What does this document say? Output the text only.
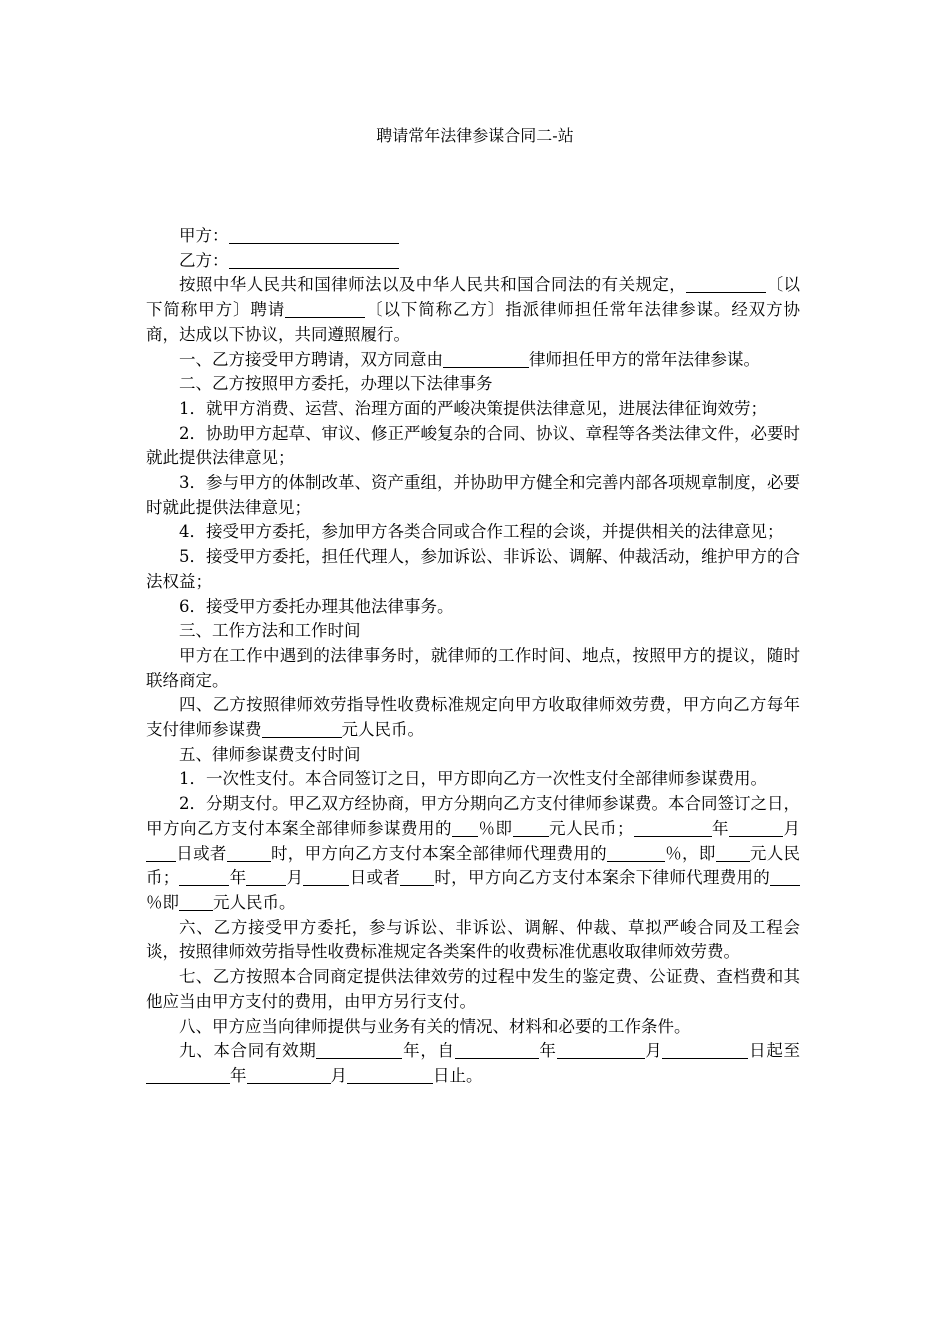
聘请常年法律参谋合同二-站

甲方：

乙方：

按照中华人民共和国律师法以及中华人民共和国合同法的有关规定，	〔以下简称甲方〕聘请	〔以下简称乙方〕指派律师担任常年法律参谋。经双方协商，达成以下协议，共同遵照履行。

一、乙方接受甲方聘请，双方同意由	律师担任甲方的常年法律参谋。

二、乙方按照甲方委托，办理以下法律事务

1．就甲方消费、运营、治理方面的严峻决策提供法律意见，进展法律征询效劳；

2．协助甲方起草、审议、修正严峻复杂的合同、协议、章程等各类法律文件，必要时就此提供法律意见；

3．参与甲方的体制改革、资产重组，并协助甲方健全和完善内部各项规章制度，必要时就此提供法律意见；

4．接受甲方委托，参加甲方各类合同或合作工程的会谈，并提供相关的法律意见；

5．接受甲方委托，担任代理人，参加诉讼、非诉讼、调解、仲裁活动，维护甲方的合法权益；

6．接受甲方委托办理其他法律事务。

三、工作方法和工作时间

甲方在工作中遇到的法律事务时，就律师的工作时间、地点，按照甲方的提议，随时联络商定。

四、乙方按照律师效劳指导性收费标准规定向甲方收取律师效劳费，甲方向乙方每年支付律师参谋费	元人民币。

五、律师参谋费支付时间

1．一次性支付。本合同签订之日，甲方即向乙方一次性支付全部律师参谋费用。

2．分期支付。甲乙双方经协商，甲方分期向乙方支付律师参谋费。本合同签订之日，甲方向乙方支付本案全部律师参谋费用的 ％即 元人民币；	年	月日或者	时，甲方向乙方支付本案全部律师代理费用的	％，即 元人民币；	年 月	日或者 时，甲方向乙方支付本案余下律师代理费用的％即 元人民币。

六、乙方接受甲方委托，参与诉讼、非诉讼、调解、仲裁、草拟严峻合同及工程会谈，按照律师效劳指导性收费标准规定各类案件的收费标准优惠收取律师效劳费。

七、乙方按照本合同商定提供法律效劳的过程中发生的鉴定费、公证费、查档费和其他应当由甲方支付的费用，由甲方另行支付。

八、甲方应当向律师提供与业务有关的情况、材料和必要的工作条件。

九、本合同有效期	年，自	年	月	日起至年	月	日止。
